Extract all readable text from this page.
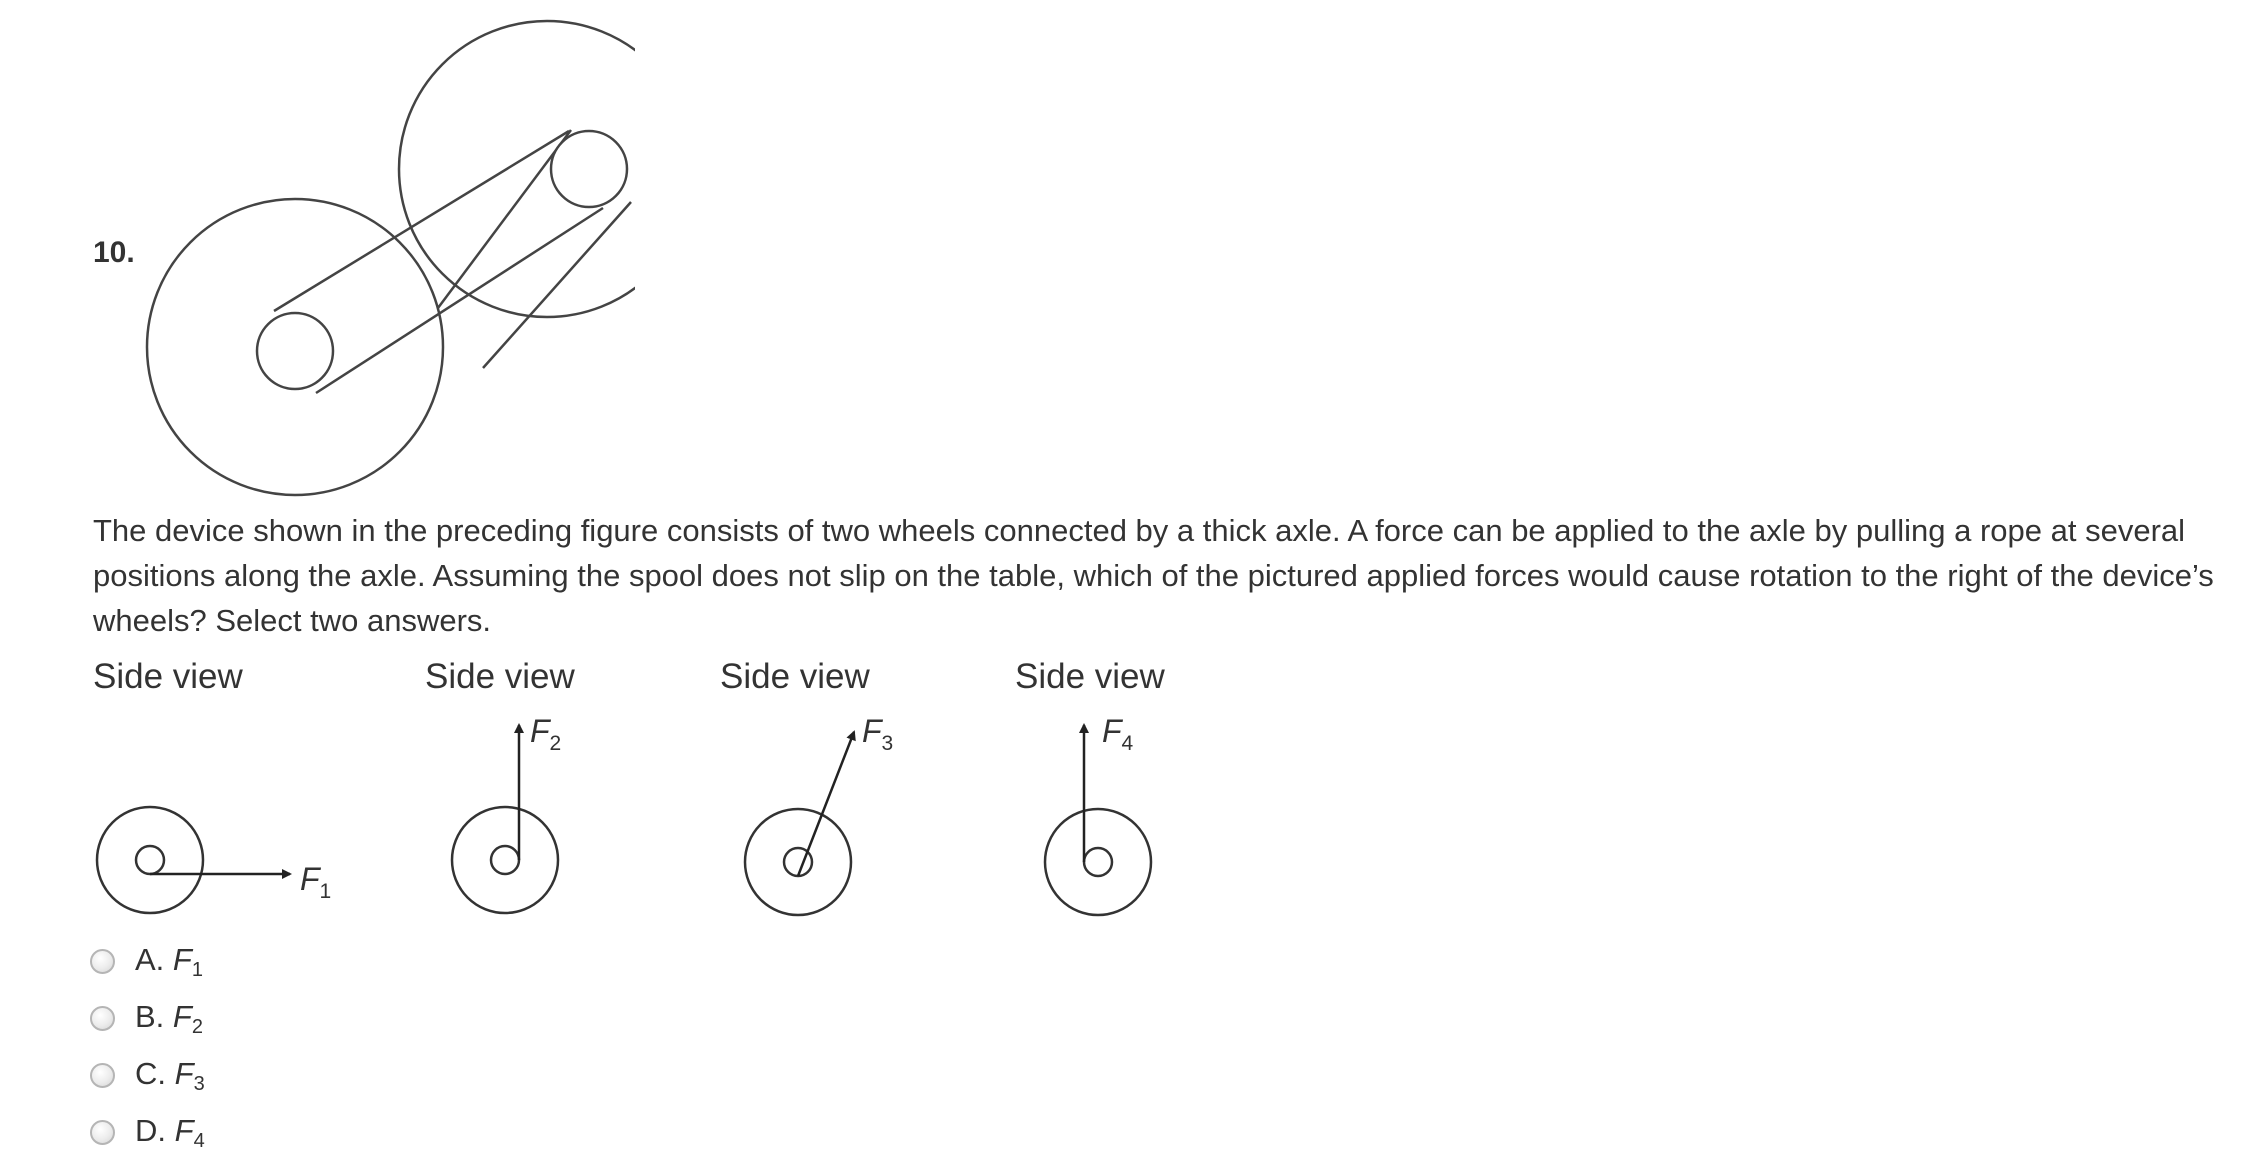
10.
The device shown in the preceding figure consists of two wheels connected by a thick axle. A force can be applied to the axle by pulling a rope at several positions along the axle. Assuming the spool does not slip on the table, which of the pictured applied forces would cause rotation to the right of the device’s wheels? Select two answers.
Side view
$F_1$
Side view
$F_2$
Side view
$F_3$
Side view
$F_4$
A. $F_1$
B. $F_2$
C. $F_3$
D. $F_4$
